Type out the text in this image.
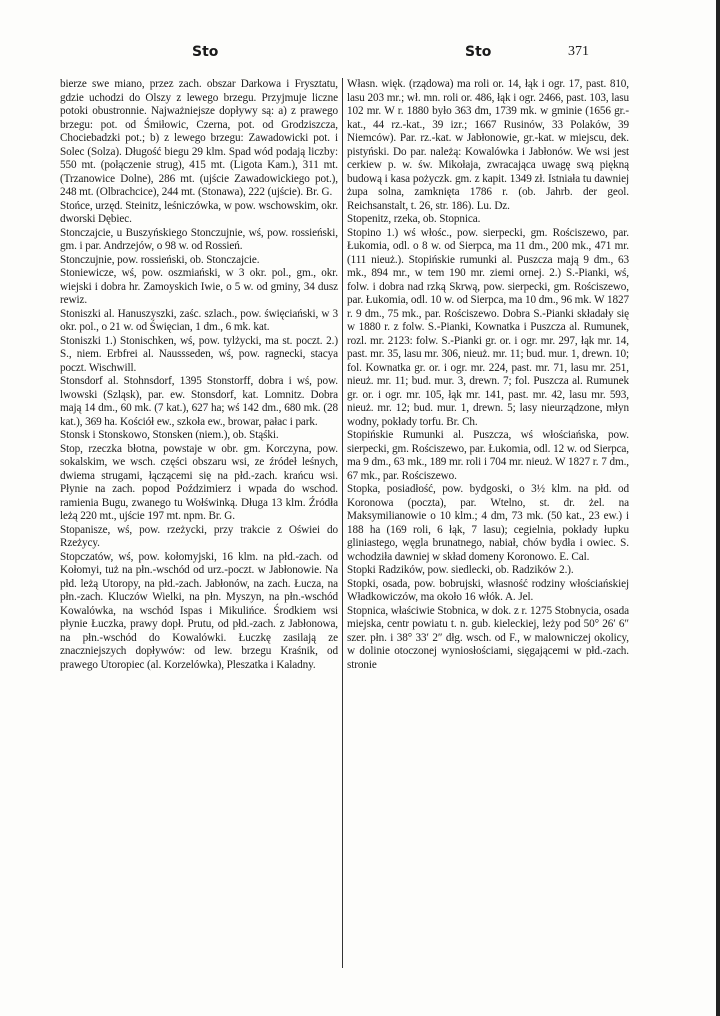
Sto	Sto	371

bierze swe miano, przez zach. obszar Darkowa i Frysztatu, gdzie uchodzi do Olszy z lewego brzegu. Przyjmuje liczne potoki obustronnie. Najważniejsze dopływy są: a) z prawego brzegu: pot. od Śmiłowic, Czerna, pot. od Grodziszcza, Chociebadzki pot.; b) z lewego brzegu: Zawadowicki pot. i Solec (Solza). Długość biegu 29 klm. Spad wód podają liczby: 550 mt. (połączenie strug), 415 mt. (Ligota Kam.), 311 mt. (Trzanowice Dolne), 286 mt. (ujście Zawadowickiego pot.), 248 mt. (Olbrachcice), 244 mt. (Stonawa), 222 (ujście). Br. G.

Stońce, urzęd. Steinitz, leśniczówka, w pow. wschowskim, okr. dworski Dębiec.

Stonczajcie, u Buszyńskiego Stonczujnie, wś, pow. rossieński, gm. i par. Andrzejów, o 98 w. od Rossień.

Stonczujnie, pow. rossieński, ob. Stonczajcie.

Stoniewicze, wś, pow. oszmiański, w 3 okr. pol., gm., okr. wiejski i dobra hr. Zamoyskich Iwie, o 5 w. od gminy, 34 dusz rewiz.

Stoniszki al. Hanuszyszki, zaśc. szlach., pow. święciański, w 3 okr. pol., o 21 w. od Święcian, 1 dm., 6 mk. kat.

Stoniszki 1.) Stonischken, wś, pow. tylżycki, ma st. poczt. 2.) S., niem. Erbfrei al. Naussseden, wś, pow. ragnecki, stacya poczt. Wischwill.

Stonsdorf al. Stohnsdorf, 1395 Stonstorff, dobra i wś, pow. lwowski (Szląsk), par. ew. Stonsdorf, kat. Lomnitz. Dobra mają 14 dm., 60 mk. (7 kat.), 627 ha; wś 142 dm., 680 mk. (28 kat.), 369 ha. Kościół ew., szkoła ew., browar, pałac i park.

Stonsk i Stonskowo, Stonsken (niem.), ob. Stąśki.

Stop, rzeczka błotna, powstaje w obr. gm. Korczyna, pow. sokalskim, we wsch. części obszaru wsi, ze źródeł leśnych, dwiema strugami, łączącemi się na płd.-zach. krańcu wsi. Płynie na zach. popod Poździmierz i wpada do wschod. ramienia Bugu, zwanego tu Wołświnką. Długa 13 klm. Źródła leżą 220 mt., ujście 197 mt. npm. Br. G.

Stopanisze, wś, pow. rzeżycki, przy trakcie z Oświei do Rzeżycy.

Stopczatów, wś, pow. kołomyjski, 16 klm. na płd.-zach. od Kołomyi, tuż na płn.-wschód od urz.-poczt. w Jabłonowie. Na płd. leżą Utoropy, na płd.-zach. Jabłonów, na zach. Łucza, na płn.-zach. Kluczów Wielki, na płn. Myszyn, na płn.-wschód Kowalówka, na wschód Ispas i Mikulińce. Środkiem wsi płynie Łuczka, prawy dopł. Prutu, od płd.-zach. z Jabłonowa, na płn.-wschód do Kowalówki. Łuczkę zasilają ze znaczniejszych dopływów: od lew. brzegu Kraśnik, od prawego Utoropiec (al. Korzelówka), Pleszatka i Kaladny.

Własn. więk. (rządowa) ma roli or. 14, łąk i ogr. 17, past. 810, lasu 203 mr.; wł. mn. roli or. 486, łąk i ogr. 2466, past. 103, lasu 102 mr. W r. 1880 było 363 dm, 1739 mk. w gminie (1656 gr.-kat., 44 rz.-kat., 39 izr.; 1667 Rusinów, 33 Polaków, 39 Niemców). Par. rz.-kat. w Jabłonowie, gr.-kat. w miejscu, dek. pistyński. Do par. należą: Kowalówka i Jabłonów. We wsi jest cerkiew p. w. św. Mikołaja, zwracająca uwagę swą piękną budową i kasa pożyczk. gm. z kapit. 1349 zł. Istniała tu dawniej żupa solna, zamknięta 1786 r. (ob. Jahrb. der geol. Reichsanstalt, t. 26, str. 186). Lu. Dz.

Stopenitz, rzeka, ob. Stopnica.

Stopino 1.) wś włośc., pow. sierpecki, gm. Rościszewo, par. Łukomia, odl. o 8 w. od Sierpca, ma 11 dm., 200 mk., 471 mr. (111 nieuż.). Stopińskie rumunki al. Puszcza mają 9 dm., 63 mk., 894 mr., w tem 190 mr. ziemi ornej. 2.) S.-Pianki, wś, folw. i dobra nad rzką Skrwą, pow. sierpecki, gm. Rościszewo, par. Łukomia, odl. 10 w. od Sierpca, ma 10 dm., 96 mk. W 1827 r. 9 dm., 75 mk., par. Rościszewo. Dobra S.-Pianki składały się w 1880 r. z folw. S.-Pianki, Kownatka i Puszcza al. Rumunek, rozl. mr. 2123: folw. S.-Pianki gr. or. i ogr. mr. 297, łąk mr. 14, past. mr. 35, lasu mr. 306, nieuż. mr. 11; bud. mur. 1, drewn. 10; fol. Kownatka gr. or. i ogr. mr. 224, past. mr. 71, lasu mr. 251, nieuż. mr. 11; bud. mur. 3, drewn. 7; fol. Puszcza al. Rumunek gr. or. i ogr. mr. 105, łąk mr. 141, past. mr. 42, lasu mr. 593, nieuż. mr. 12; bud. mur. 1, drewn. 5; lasy nieurządzone, młyn wodny, pokłady torfu. Br. Ch.

Stopińskie Rumunki al. Puszcza, wś włościańska, pow. sierpecki, gm. Rościszewo, par. Łukomia, odl. 12 w. od Sierpca, ma 9 dm., 63 mk., 189 mr. roli i 704 mr. nieuż. W 1827 r. 7 dm., 67 mk., par. Rościszewo.

Stopka, posiadłość, pow. bydgoski, o 3½ klm. na płd. od Koronowa (poczta), par. Wtelno, st. dr. żel. na Maksymilianowie o 10 klm.; 4 dm, 73 mk. (50 kat., 23 ew.) i 188 ha (169 roli, 6 łąk, 7 lasu); cegielnia, pokłady łupku gliniastego, węgla brunatnego, nabiał, chów bydła i owiec. S. wchodziła dawniej w skład domeny Koronowo. E. Cal.

Stopki Radzików, pow. siedlecki, ob. Radzików 2.).

Stopki, osada, pow. bobrujski, własność rodziny włościańskiej Władkowiczów, ma około 16 włók. A. Jel.

Stopnica, właściwie Stobnica, w dok. z r. 1275 Stobnycia, osada miejska, centr powiatu t. n. gub. kieleckiej, leży pod 50° 26′ 6″ szer. płn. i 38° 33′ 2″ dłg. wsch. od F., w malowniczej okolicy, w dolinie otoczonej wyniosłościami, sięgającemi w płd.-zach. stronie
